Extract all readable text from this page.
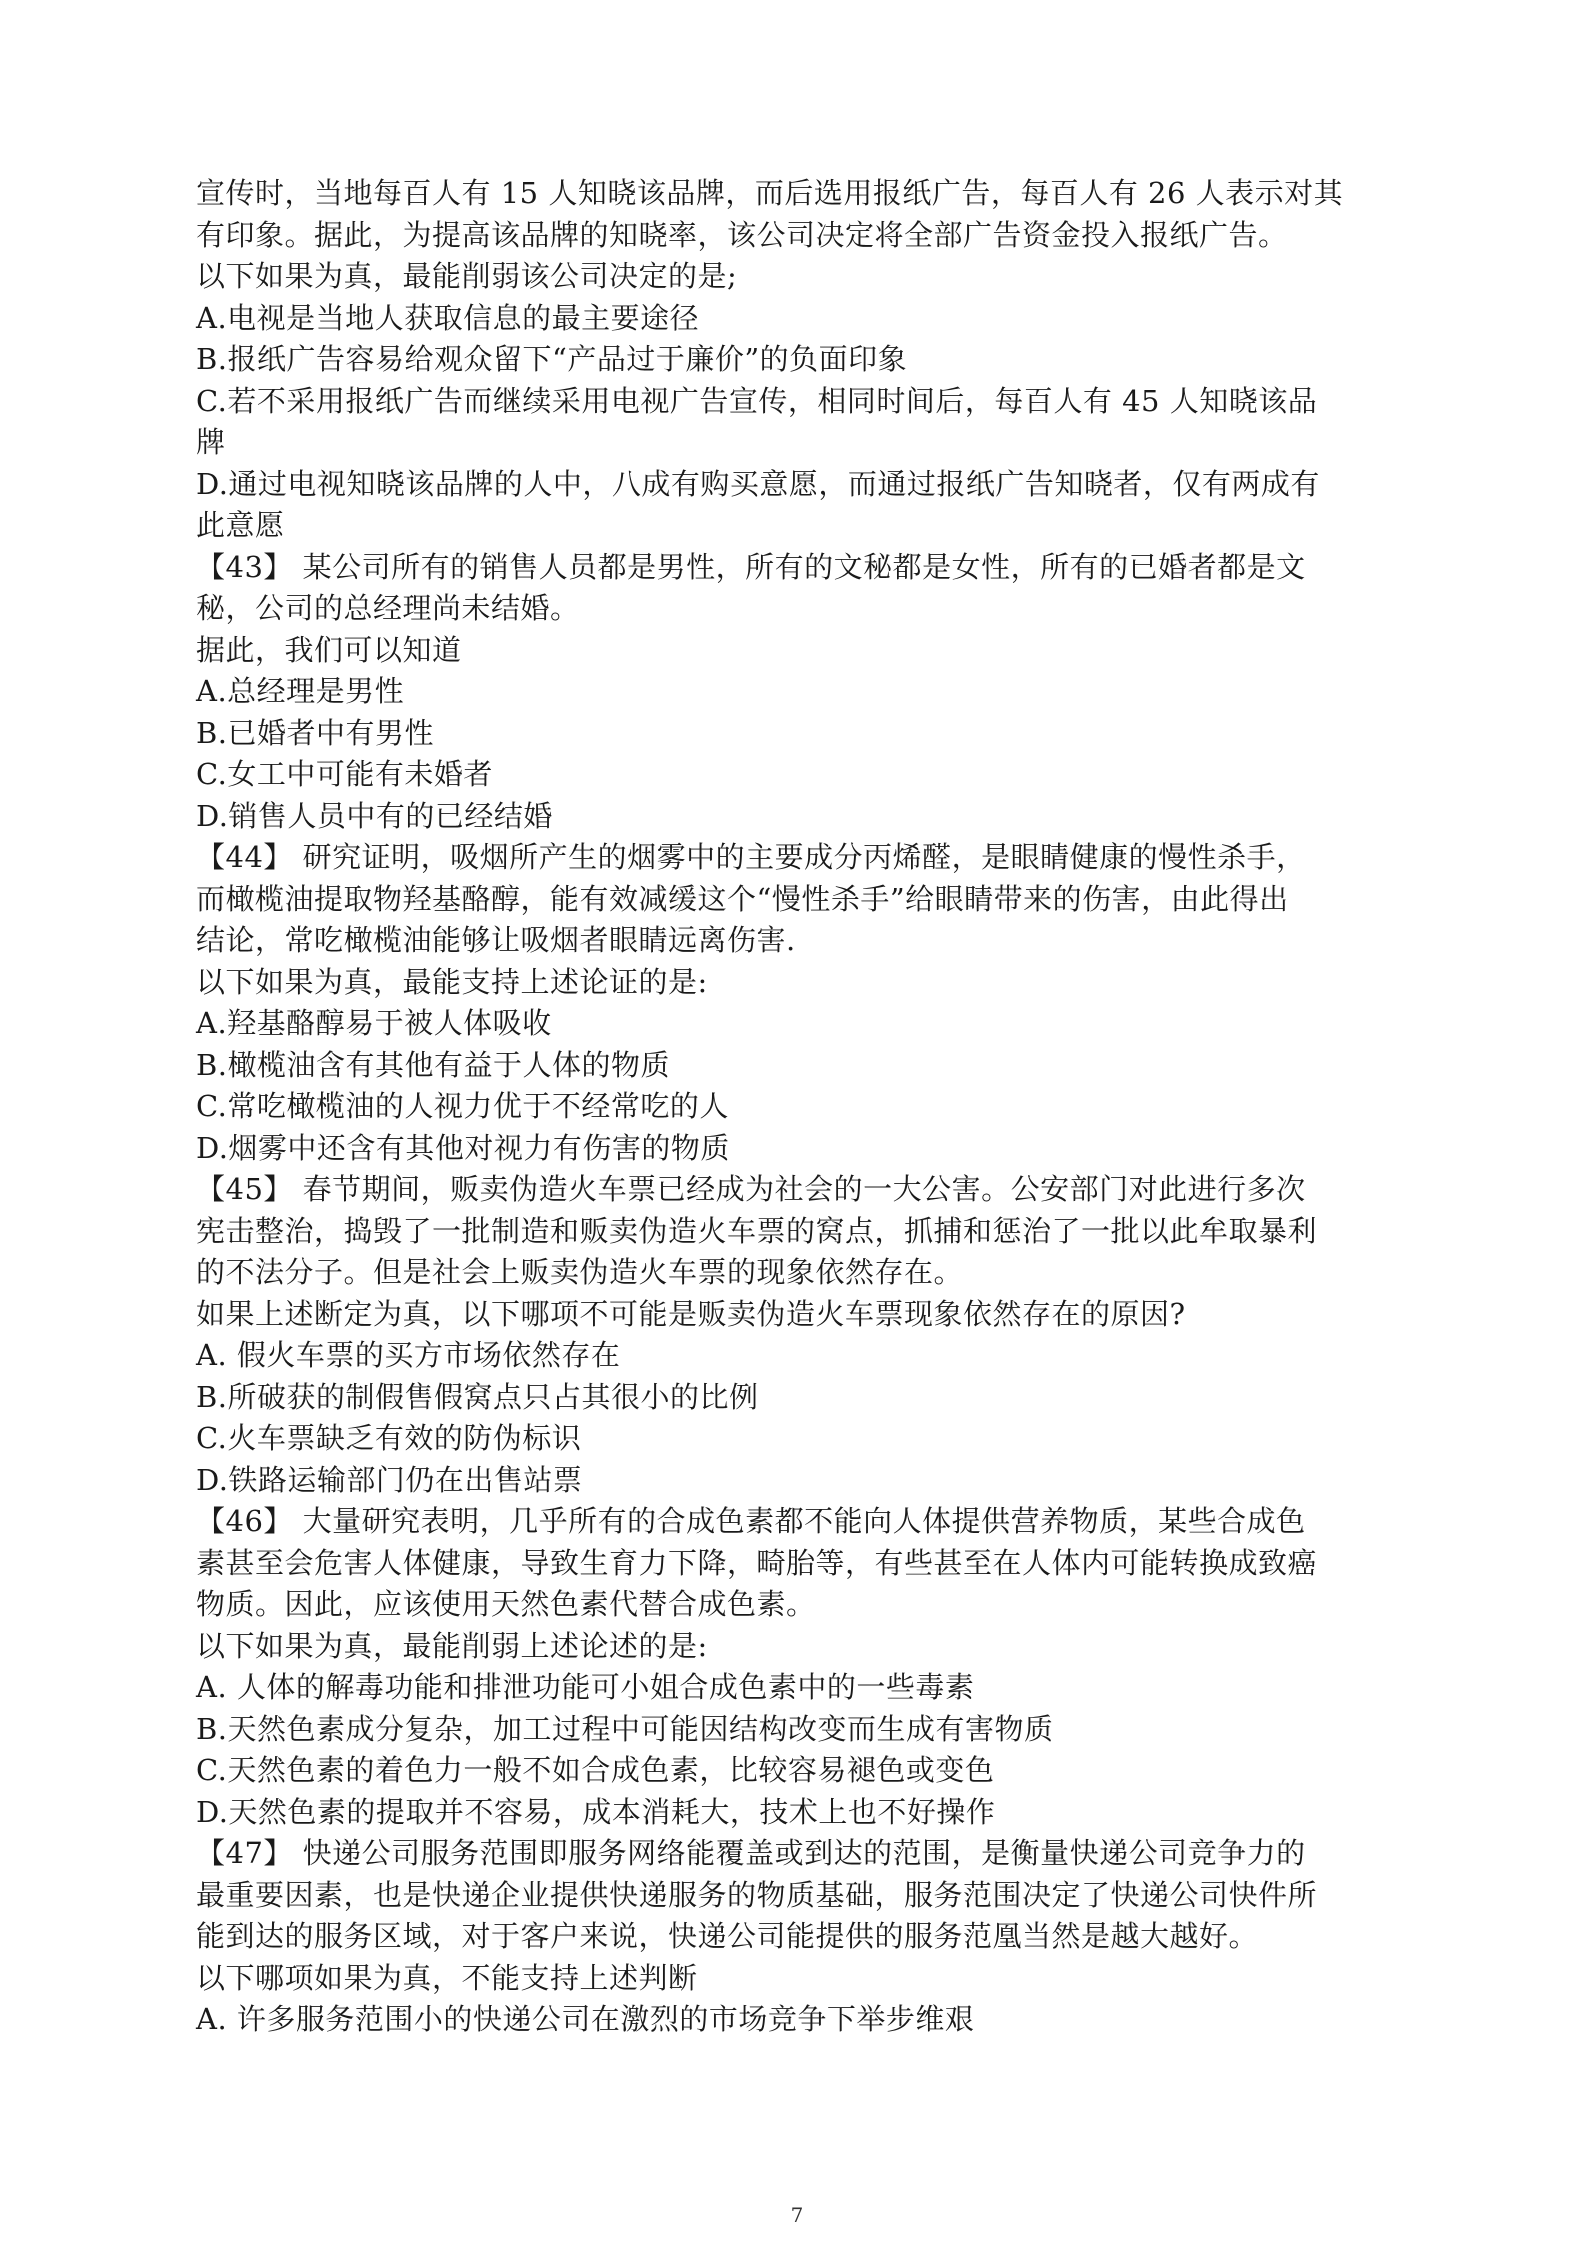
宣传时，当地每百人有 15 人知晓该品牌，而后选用报纸广告，每百人有 26 人表示对其
有印象。据此，为提高该品牌的知晓率，该公司决定将全部广告资金投入报纸广告。
以下如果为真，最能削弱该公司决定的是;
A.电视是当地人获取信息的最主要途径
B.报纸广告容易给观众留下“产品过于廉价”的负面印象
C.若不采用报纸广告而继续采用电视广告宣传，相同时间后，每百人有 45 人知晓该品
牌
D.通过电视知晓该品牌的人中，八成有购买意愿，而通过报纸广告知晓者，仅有两成有
此意愿
【43】 某公司所有的销售人员都是男性，所有的文秘都是女性，所有的已婚者都是文
秘，公司的总经理尚未结婚。
据此，我们可以知道
A.总经理是男性
B.已婚者中有男性
C.女工中可能有未婚者
D.销售人员中有的已经结婚
【44】 研究证明，吸烟所产生的烟雾中的主要成分丙烯醛，是眼睛健康的慢性杀手，
而橄榄油提取物羟基酪醇，能有效减缓这个“慢性杀手”给眼睛带来的伤害，由此得出
结论，常吃橄榄油能够让吸烟者眼睛远离伤害.
以下如果为真，最能支持上述论证的是:
A.羟基酪醇易于被人体吸收
B.橄榄油含有其他有益于人体的物质
C.常吃橄榄油的人视力优于不经常吃的人
D.烟雾中还含有其他对视力有伤害的物质
【45】 春节期间，贩卖伪造火车票已经成为社会的一大公害。公安部门对此进行多次
宪击整治，捣毁了一批制造和贩卖伪造火车票的窝点，抓捕和惩治了一批以此牟取暴利
的不法分子。但是社会上贩卖伪造火车票的现象依然存在。
如果上述断定为真，以下哪项不可能是贩卖伪造火车票现象依然存在的原因?
A. 假火车票的买方市场依然存在
B.所破获的制假售假窝点只占其很小的比例
C.火车票缺乏有效的防伪标识
D.铁路运输部门仍在出售站票
【46】 大量研究表明，几乎所有的合成色素都不能向人体提供营养物质，某些合成色
素甚至会危害人体健康，导致生育力下降，畸胎等，有些甚至在人体内可能转换成致癌
物质。因此，应该使用天然色素代替合成色素。
以下如果为真，最能削弱上述论述的是:
A. 人体的解毒功能和排泄功能可小姐合成色素中的一些毒素
B.天然色素成分复杂，加工过程中可能因结构改变而生成有害物质
C.天然色素的着色力一般不如合成色素，比较容易褪色或变色
D.天然色素的提取并不容易，成本消耗大，技术上也不好操作
【47】 快递公司服务范围即服务网络能覆盖或到达的范围，是衡量快递公司竞争力的
最重要因素，也是快递企业提供快递服务的物质基础，服务范围决定了快递公司快件所
能到达的服务区域，对于客户来说，快递公司能提供的服务范凰当然是越大越好。
以下哪项如果为真，不能支持上述判断
A. 许多服务范围小的快递公司在激烈的市场竞争下举步维艰
7
